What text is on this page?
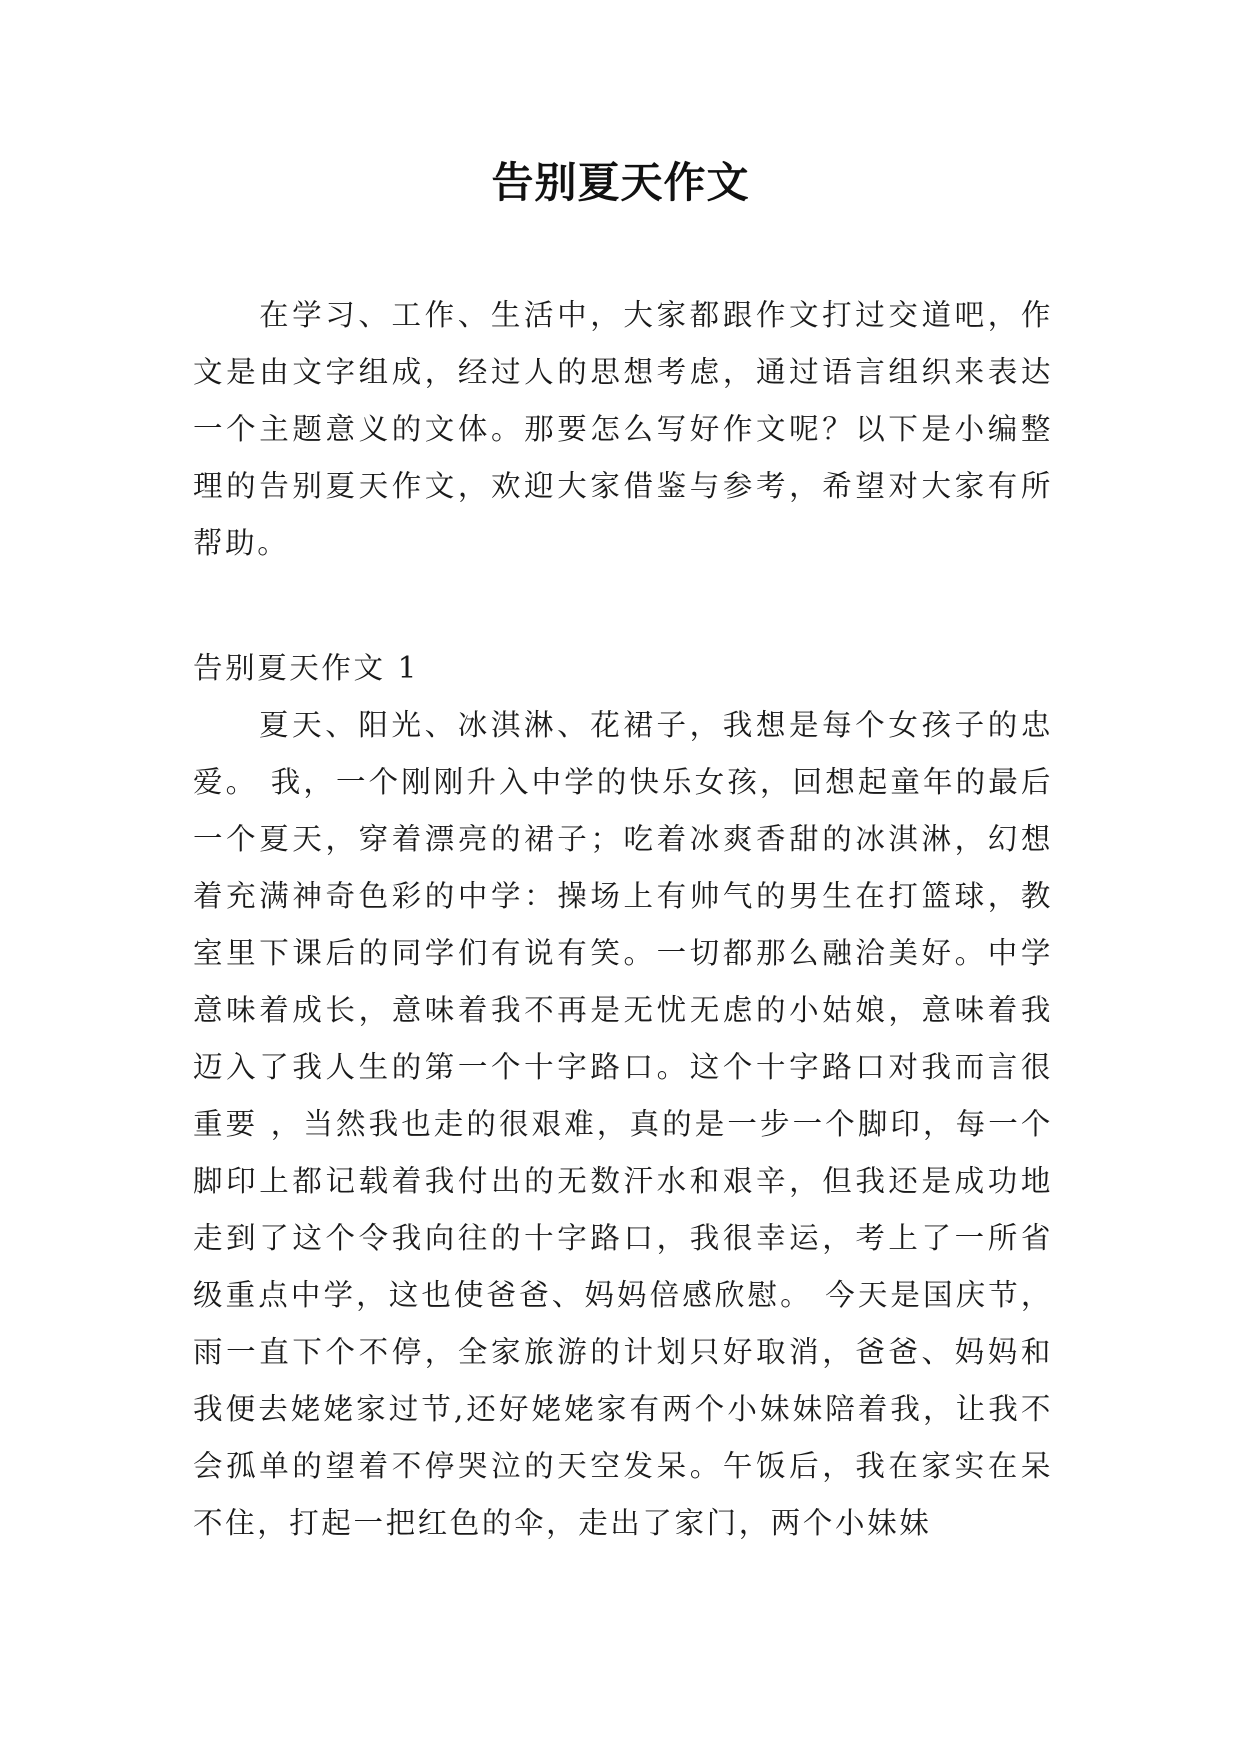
告别夏天作文

在学习、工作、生活中，大家都跟作文打过交道吧，作文是由文字组成，经过人的思想考虑，通过语言组织来表达一个主题意义的文体。那要怎么写好作文呢？以下是小编整理的告别夏天作文，欢迎大家借鉴与参考，希望对大家有所帮助。

告别夏天作文 1

夏天、阳光、冰淇淋、花裙子，我想是每个女孩子的忠爱。 我，一个刚刚升入中学的快乐女孩，回想起童年的最后一个夏天，穿着漂亮的裙子；吃着冰爽香甜的冰淇淋，幻想着充满神奇色彩的中学：操场上有帅气的男生在打篮球，教室里下课后的同学们有说有笑。一切都那么融洽美好。中学意味着成长，意味着我不再是无忧无虑的小姑娘，意味着我迈入了我人生的第一个十字路口。这个十字路口对我而言很重要 ，当然我也走的很艰难，真的是一步一个脚印，每一个脚印上都记载着我付出的无数汗水和艰辛，但我还是成功地走到了这个令我向往的十字路口，我很幸运，考上了一所省级重点中学，这也使爸爸、妈妈倍感欣慰。 今天是国庆节，雨一直下个不停，全家旅游的计划只好取消，爸爸、妈妈和我便去姥姥家过节,还好姥姥家有两个小妹妹陪着我，让我不会孤单的望着不停哭泣的天空发呆。午饭后，我在家实在呆不住，打起一把红色的伞，走出了家门，两个小妹妹
